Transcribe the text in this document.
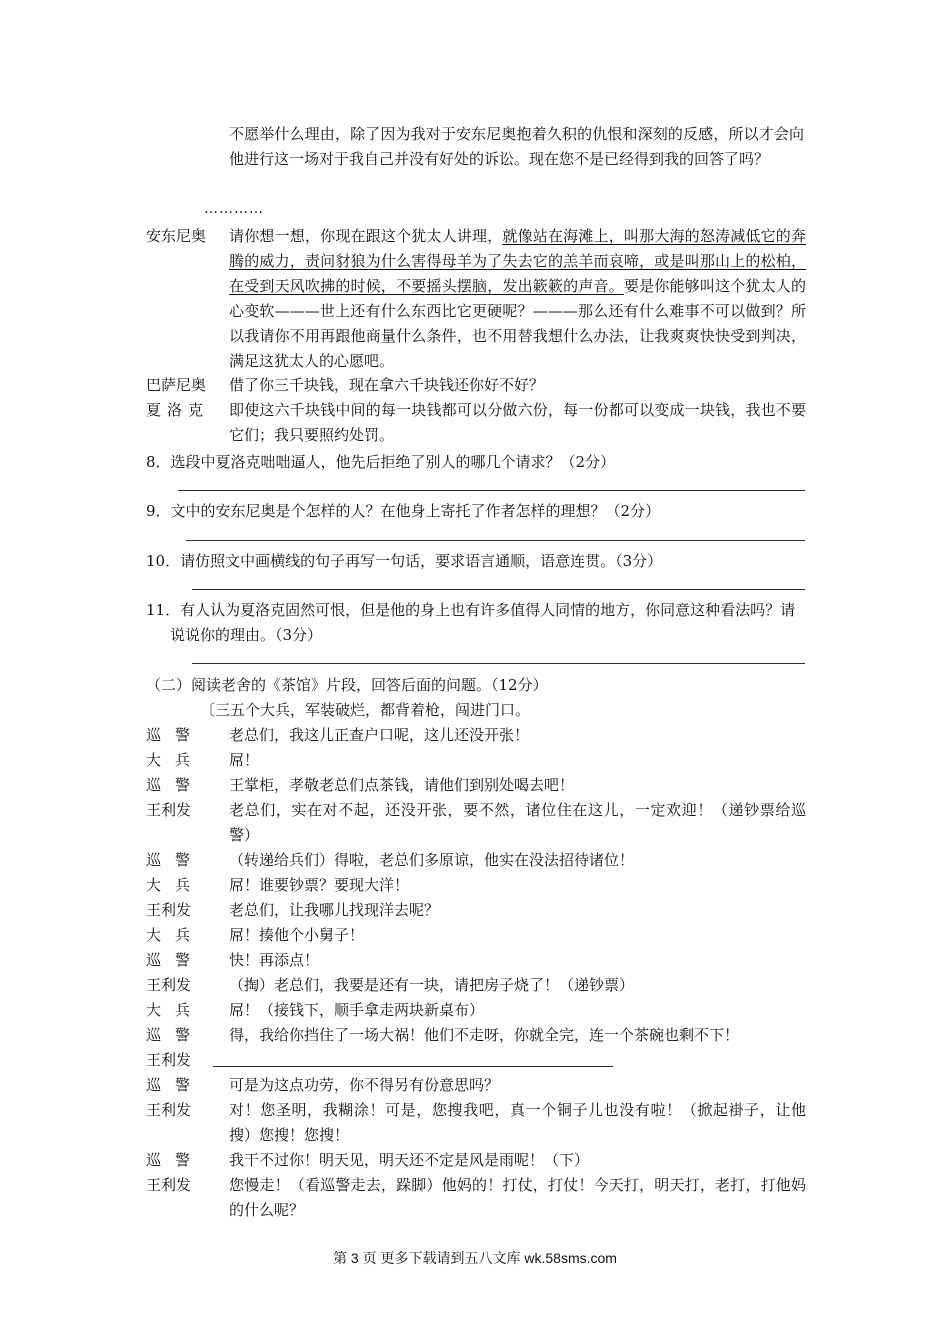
不愿举什么理由，除了因为我对于安东尼奥抱着久积的仇恨和深刻的反感，所以才会向他进行这一场对于我自己并没有好处的诉讼。现在您不是已经得到我的回答了吗？
…………
安东尼奥	请你想一想，你现在跟这个犹太人讲理，就像站在海滩上，叫那大海的怒涛减低它的奔腾的威力，责问豺狼为什么害得母羊为了失去它的羔羊而哀啼，或是叫那山上的松柏，在受到天风吹拂的时候，不要摇头摆脑，发出簌簌的声音。要是你能够叫这个犹太人的心变软———世上还有什么东西比它更硬呢？———那么还有什么难事不可以做到？所以我请你不用再跟他商量什么条件，也不用替我想什么办法，让我爽爽快快受到判决，满足这犹太人的心愿吧。
巴萨尼奥	借了你三千块钱，现在拿六千块钱还你好不好？
夏洛克	即使这六千块钱中间的每一块钱都可以分做六份，每一份都可以变成一块钱，我也不要它们；我只要照约处罚。
8．选段中夏洛克咄咄逼人，他先后拒绝了别人的哪几个请求？（2分）
9．文中的安东尼奥是个怎样的人？在他身上寄托了作者怎样的理想？（2分）
10．请仿照文中画横线的句子再写一句话，要求语言通顺，语意连贯。（3分）
11．有人认为夏洛克固然可恨，但是他的身上也有许多值得人同情的地方，你同意这种看法吗？请说说你的理由。（3分）
（二）阅读老舍的《茶馆》片段，回答后面的问题。（12分）
〔三五个大兵，军装破烂，都背着枪，闯进门口。
巡警	老总们，我这儿正查户口呢，这儿还没开张！
大兵	屌！
巡警	王掌柜，孝敬老总们点茶钱，请他们到别处喝去吧！
王利发	老总们，实在对不起，还没开张，要不然，诸位住在这儿，一定欢迎！（递钞票给巡警）
巡警	（转递给兵们）得啦，老总们多原谅，他实在没法招待诸位！
大兵	屌！谁要钞票？要现大洋！
王利发	老总们，让我哪儿找现洋去呢？
大兵	屌！揍他个小舅子！
巡警	快！再添点！
王利发	（掏）老总们，我要是还有一块，请把房子烧了！（递钞票）
大兵	屌！（接钱下，顺手拿走两块新桌布）
巡警	得，我给你挡住了一场大祸！他们不走呀，你就全完，连一个茶碗也剩不下！
王利发
巡警	可是为这点功劳，你不得另有份意思吗？
王利发	对！您圣明，我糊涂！可是，您搜我吧，真一个铜子儿也没有啦！（掀起褂子，让他搜）您搜！您搜！
巡警	我干不过你！明天见，明天还不定是风是雨呢！（下）
王利发	您慢走！（看巡警走去，跺脚）他妈的！打仗，打仗！今天打，明天打，老打，打他妈的什么呢？
第 3 页 更多下载请到五八文库 wk.58sms.com
